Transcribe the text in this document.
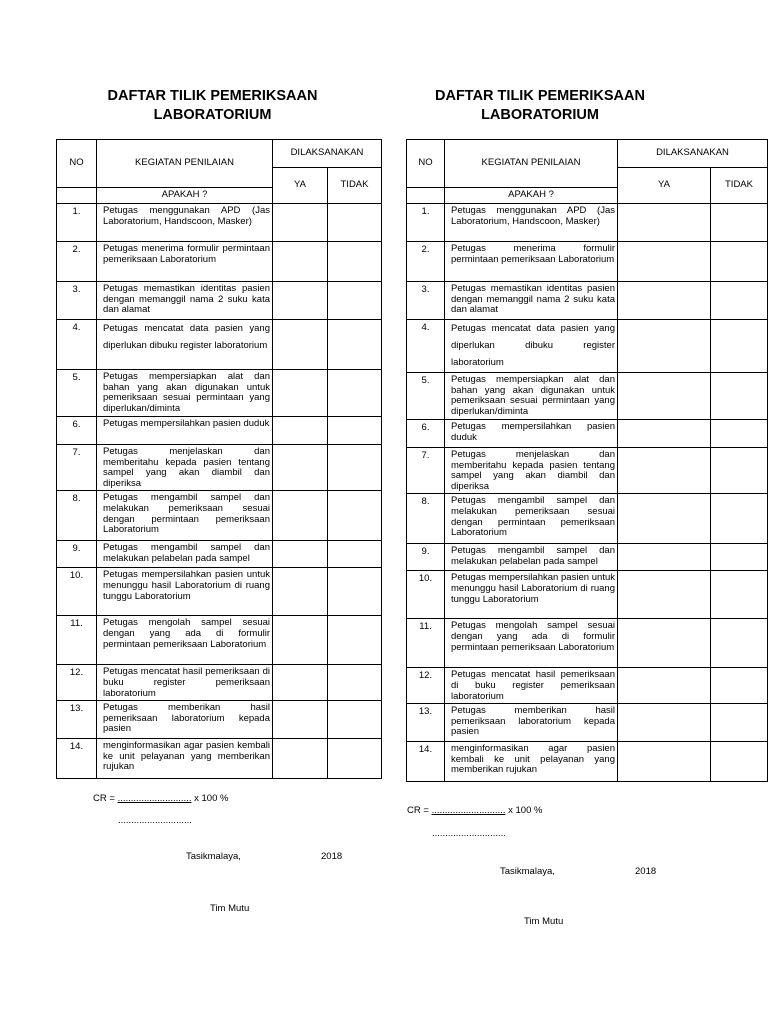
DAFTAR TILIK PEMERIKSAAN
LABORATORIUM
NO	KEGIATAN PENILAIAN	DILAKSANAKAN	
		YA	TIDAK
	APAKAH ?		
1.	Petugas menggunakan APD (Jas Laboratorium, Handscoon, Masker)		
2.	Petugas menerima formulir permintaan pemeriksaan Laboratorium		
3.	Petugas memastikan identitas pasien dengan memanggil nama 2 suku kata dan alamat		
4.	Petugas mencatat data pasien yang diperlukan dibuku register laboratorium		
5.	Petugas mempersiapkan alat dan bahan yang akan digunakan untuk pemeriksaan sesuai permintaan yang diperlukan/diminta		
6.	Petugas mempersilahkan pasien duduk		
7.	Petugas menjelaskan dan memberitahu kepada pasien tentang sampel yang akan diambil dan diperiksa		
8.	Petugas mengambil sampel dan melakukan pemeriksaan sesuai dengan permintaan pemeriksaan Laboratorium		
9.	Petugas mengambil sampel dan melakukan pelabelan pada sampel		
10.	Petugas mempersilahkan pasien untuk menunggu hasil Laboratorium di ruang tunggu Laboratorium		
11.	Petugas mengolah sampel sesuai dengan yang ada di formulir permintaan pemeriksaan Laboratorium		
12.	Petugas mencatat hasil pemeriksaan di buku register pemeriksaan laboratorium		
13.	Petugas memberikan hasil pemeriksaan laboratorium kepada pasien		
14.	menginformasikan agar pasien kembali ke unit pelayanan yang memberikan rujukan		
CR = ............................ x 100 %
............................
Tasikmalaya,	2018
Tim Mutu
DAFTAR TILIK PEMERIKSAAN
LABORATORIUM
NO	KEGIATAN PENILAIAN	DILAKSANAKAN	
		YA	TIDAK
	APAKAH ?		
1.	Petugas menggunakan APD (Jas Laboratorium, Handscoon, Masker)		
2.	Petugas menerima formulir permintaan pemeriksaan Laboratorium		
3.	Petugas memastikan identitas pasien dengan memanggil nama 2 suku kata dan alamat		
4.	Petugas mencatat data pasien yang diperlukan dibuku register laboratorium		
5.	Petugas mempersiapkan alat dan bahan yang akan digunakan untuk pemeriksaan sesuai permintaan yang diperlukan/diminta		
6.	Petugas mempersilahkan pasien duduk		
7.	Petugas menjelaskan dan memberitahu kepada pasien tentang sampel yang akan diambil dan diperiksa		
8.	Petugas mengambil sampel dan melakukan pemeriksaan sesuai dengan permintaan pemeriksaan Laboratorium		
9.	Petugas mengambil sampel dan melakukan pelabelan pada sampel		
10.	Petugas mempersilahkan pasien untuk menunggu hasil Laboratorium di ruang tunggu Laboratorium		
11.	Petugas mengolah sampel sesuai dengan yang ada di formulir permintaan pemeriksaan Laboratorium		
12.	Petugas mencatat hasil pemeriksaan di buku register pemeriksaan laboratorium		
13.	Petugas memberikan hasil pemeriksaan laboratorium kepada pasien		
14.	menginformasikan agar pasien kembali ke unit pelayanan yang memberikan rujukan		
CR = ............................ x 100 %
............................
Tasikmalaya,	2018
Tim Mutu
